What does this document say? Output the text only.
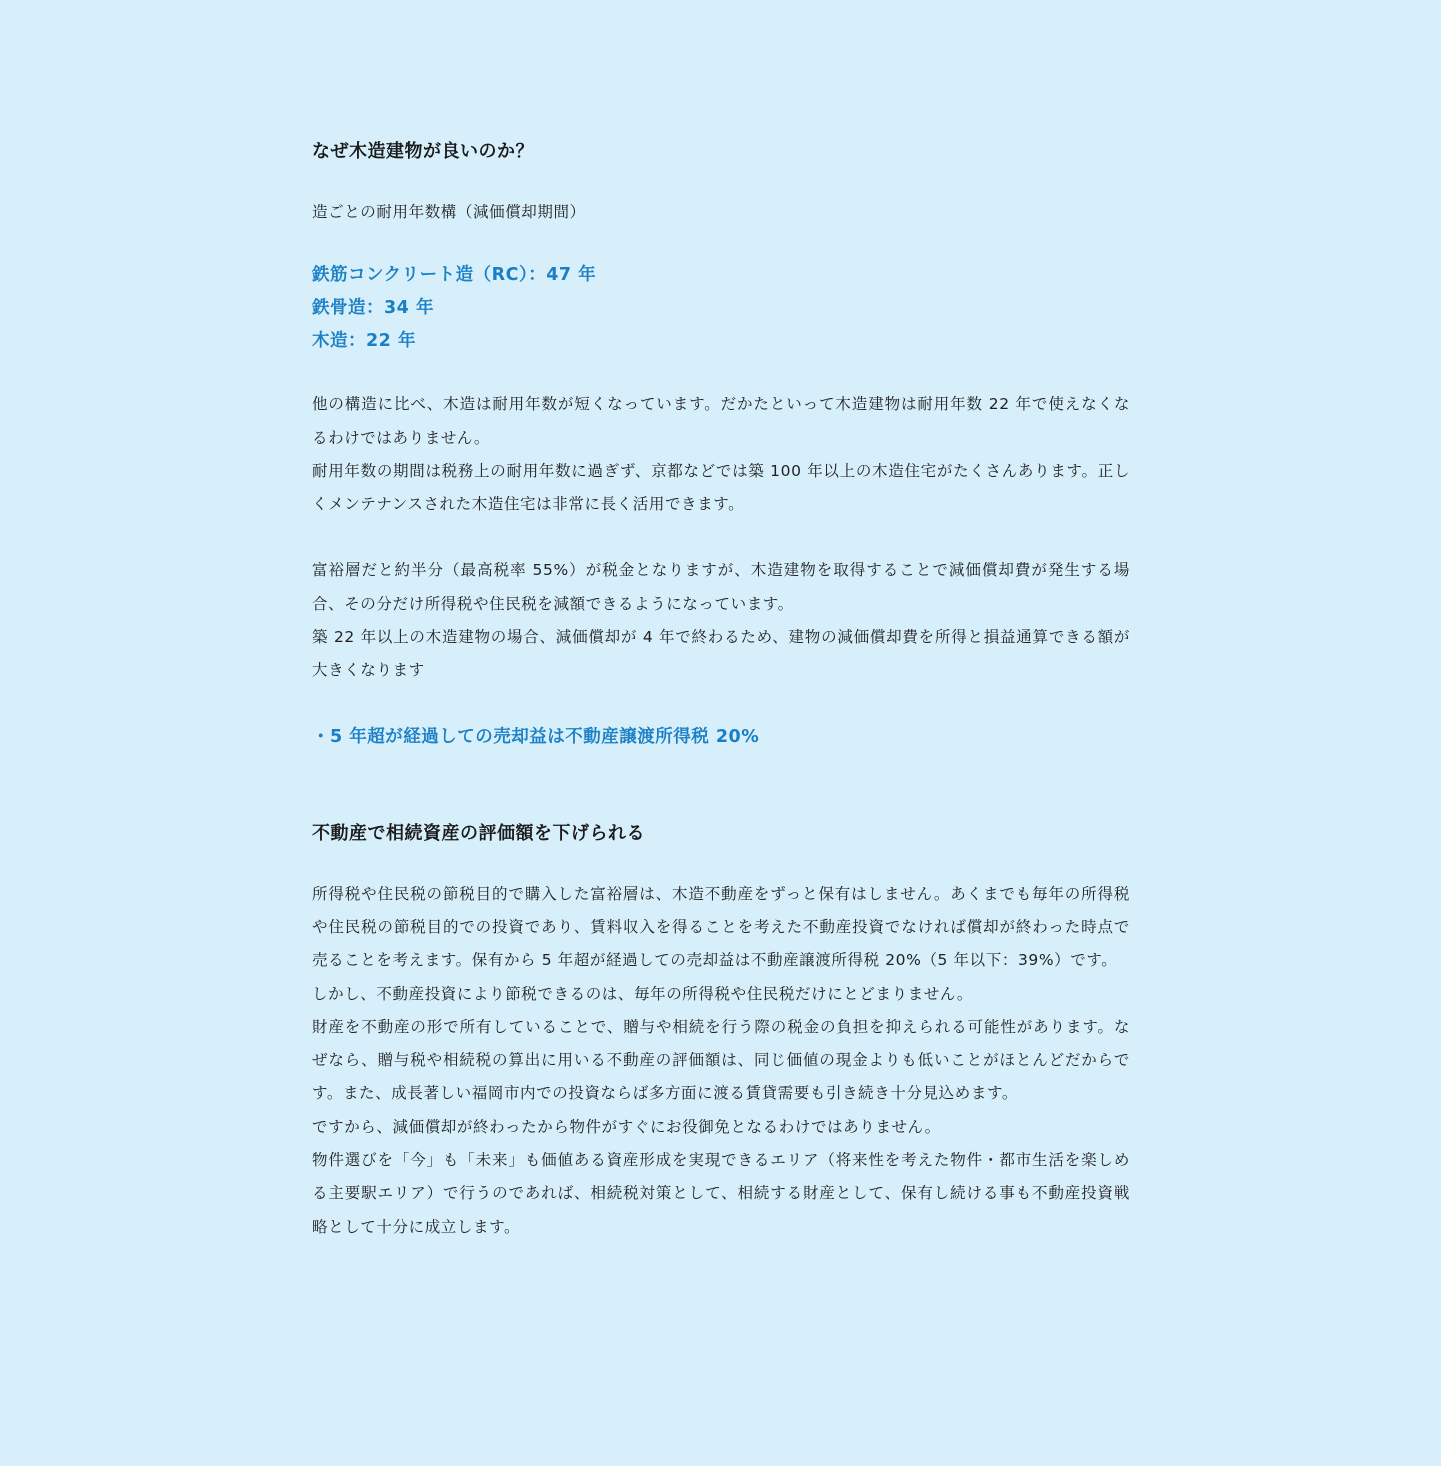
なぜ木造建物が良いのか？

造ごとの耐用年数構（減価償却期間）

鉄筋コンクリート造（RC）：47 年

鉄骨造：34 年

木造：22 年

他の構造に比べ、木造は耐用年数が短くなっています。だかたといって木造建物は耐用年数 22 年で使えなくなるわけではありません。

耐用年数の期間は税務上の耐用年数に過ぎず、京都などでは築 100 年以上の木造住宅がたくさんあります。正しくメンテナンスされた木造住宅は非常に長く活用できます。

富裕層だと約半分（最高税率 55%）が税金となりますが、木造建物を取得することで減価償却費が発生する場合、その分だけ所得税や住民税を減額できるようになっています。

築 22 年以上の木造建物の場合、減価償却が 4 年で終わるため、建物の減価償却費を所得と損益通算できる額が大きくなります

・5 年超が経過しての売却益は不動産譲渡所得税 20%

不動産で相続資産の評価額を下げられる

所得税や住民税の節税目的で購入した富裕層は、木造不動産をずっと保有はしません。あくまでも毎年の所得税や住民税の節税目的での投資であり、賃料収入を得ることを考えた不動産投資でなければ償却が終わった時点で売ることを考えます。保有から 5 年超が経過しての売却益は不動産譲渡所得税 20%（5 年以下：39%）です。

しかし、不動産投資により節税できるのは、毎年の所得税や住民税だけにとどまりません。

財産を不動産の形で所有していることで、贈与や相続を行う際の税金の負担を抑えられる可能性があります。なぜなら、贈与税や相続税の算出に用いる不動産の評価額は、同じ価値の現金よりも低いことがほとんどだからです。また、成長著しい福岡市内での投資ならば多方面に渡る賃貸需要も引き続き十分見込めます。

ですから、減価償却が終わったから物件がすぐにお役御免となるわけではありません。

物件選びを「今」も「未来」も価値ある資産形成を実現できるエリア（将来性を考えた物件・都市生活を楽しめる主要駅エリア）で行うのであれば、相続税対策として、相続する財産として、保有し続ける事も不動産投資戦略として十分に成立します。
